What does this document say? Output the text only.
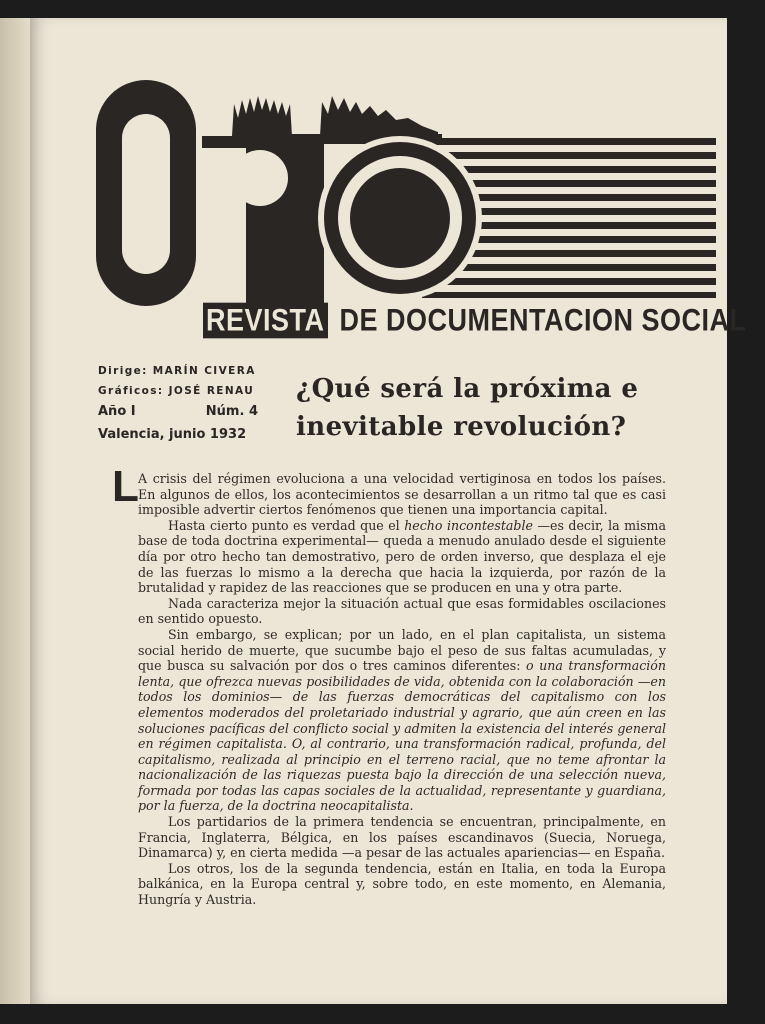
REVISTA DE DOCUMENTACION SOCIAL
Dirige: MARÍN CIVERA
Gráficos: JOSÉ RENAU
Año I	Núm. 4
Valencia, junio 1932
¿Qué será la próxima e inevitable revolución?
L A crisis del régimen evoluciona a una velocidad vertiginosa en todos los países. En algunos de ellos, los acontecimientos se desarrollan a un ritmo tal que es casi imposible advertir ciertos fenómenos que tienen una importancia capital.

Hasta cierto punto es verdad que el hecho incontestable —es decir, la misma base de toda doctrina experimental— queda a menudo anulado desde el siguiente día por otro hecho tan demostrativo, pero de orden inverso, que desplaza el eje de las fuerzas lo mismo a la derecha que hacia la izquierda, por razón de la brutalidad y rapidez de las reacciones que se producen en una y otra parte.

Nada caracteriza mejor la situación actual que esas formidables oscilaciones en sentido opuesto.

Sin embargo, se explican; por un lado, en el plan capitalista, un sistema social herido de muerte, que sucumbe bajo el peso de sus faltas acumuladas, y que busca su salvación por dos o tres caminos diferentes: o una transformación lenta, que ofrezca nuevas posibilidades de vida, obtenida con la colaboración —en todos los dominios— de las fuerzas democráticas del capitalismo con los elementos moderados del proletariado industrial y agrario, que aún creen en las soluciones pacíficas del conflicto social y admiten la existencia del interés general en régimen capitalista. O, al contrario, una transformación radical, profunda, del capitalismo, realizada al principio en el terreno racial, que no teme afrontar la nacionalización de las riquezas puesta bajo la dirección de una selección nueva, formada por todas las capas sociales de la actualidad, representante y guardiana, por la fuerza, de la doctrina neocapitalista.

Los partidarios de la primera tendencia se encuentran, principalmente, en Francia, Inglaterra, Bélgica, en los países escandinavos (Suecia, Noruega, Dinamarca) y, en cierta medida —a pesar de las actuales apariencias— en España.

Los otros, los de la segunda tendencia, están en Italia, en toda la Europa balkánica, en la Europa central y, sobre todo, en este momento, en Alemania, Hungría y Austria.
